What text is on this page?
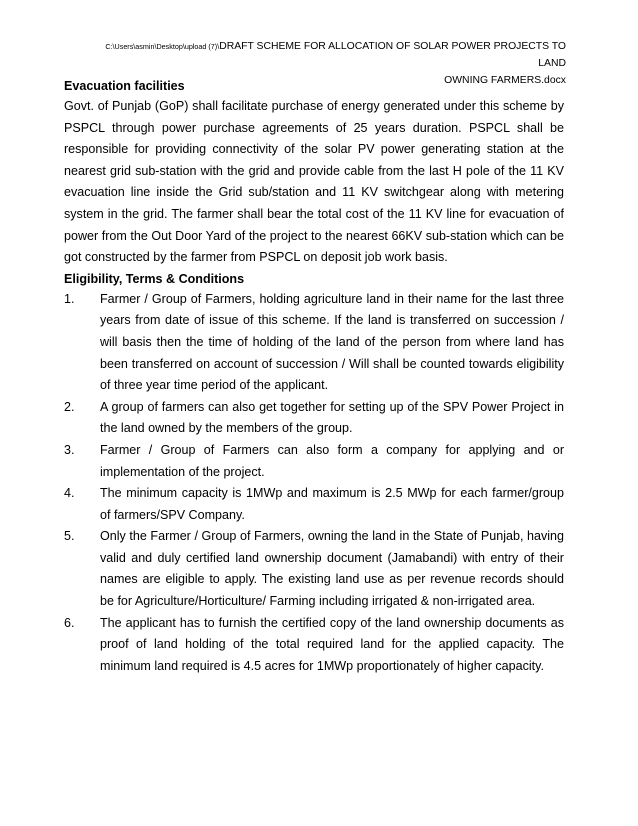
C:\Users\asmin\Desktop\upload (7)\DRAFT SCHEME FOR ALLOCATION OF SOLAR POWER PROJECTS TO LAND
OWNING FARMERS.docx

Evacuation facilities

Govt. of Punjab (GoP) shall facilitate purchase of energy generated under this scheme by PSPCL through power purchase agreements of 25 years duration. PSPCL shall be responsible for providing connectivity of the solar PV power generating station at the nearest grid sub-station with the grid and provide cable from the last H pole of the 11 KV evacuation line inside the Grid sub/station and 11 KV switchgear along with metering system in the grid. The farmer shall bear the total cost of the 11 KV line for evacuation of power from the Out Door Yard of the project to the nearest 66KV sub-station which can be got constructed by the farmer from PSPCL on deposit job work basis.

Eligibility, Terms & Conditions

1. Farmer / Group of Farmers, holding agriculture land in their name for the last three years from date of issue of this scheme. If the land is transferred on succession / will basis then the time of holding of the land of the person from where land has been transferred on account of succession / Will shall be counted towards eligibility of three year time period of the applicant.
2. A group of farmers can also get together for setting up of the SPV Power Project in the land owned by the members of the group.
3. Farmer / Group of Farmers can also form a company for applying and or implementation of the project.
4. The minimum capacity is 1MWp and maximum is 2.5 MWp for each farmer/group of farmers/SPV Company.
5. Only the Farmer / Group of Farmers, owning the land in the State of Punjab, having valid and duly certified land ownership document (Jamabandi) with entry of their names are eligible to apply. The existing land use as per revenue records should be for Agriculture/Horticulture/ Farming including irrigated & non-irrigated area.
6. The applicant has to furnish the certified copy of the land ownership documents as proof of land holding of the total required land for the applied capacity. The minimum land required is 4.5 acres for 1MWp proportionately of higher capacity.
